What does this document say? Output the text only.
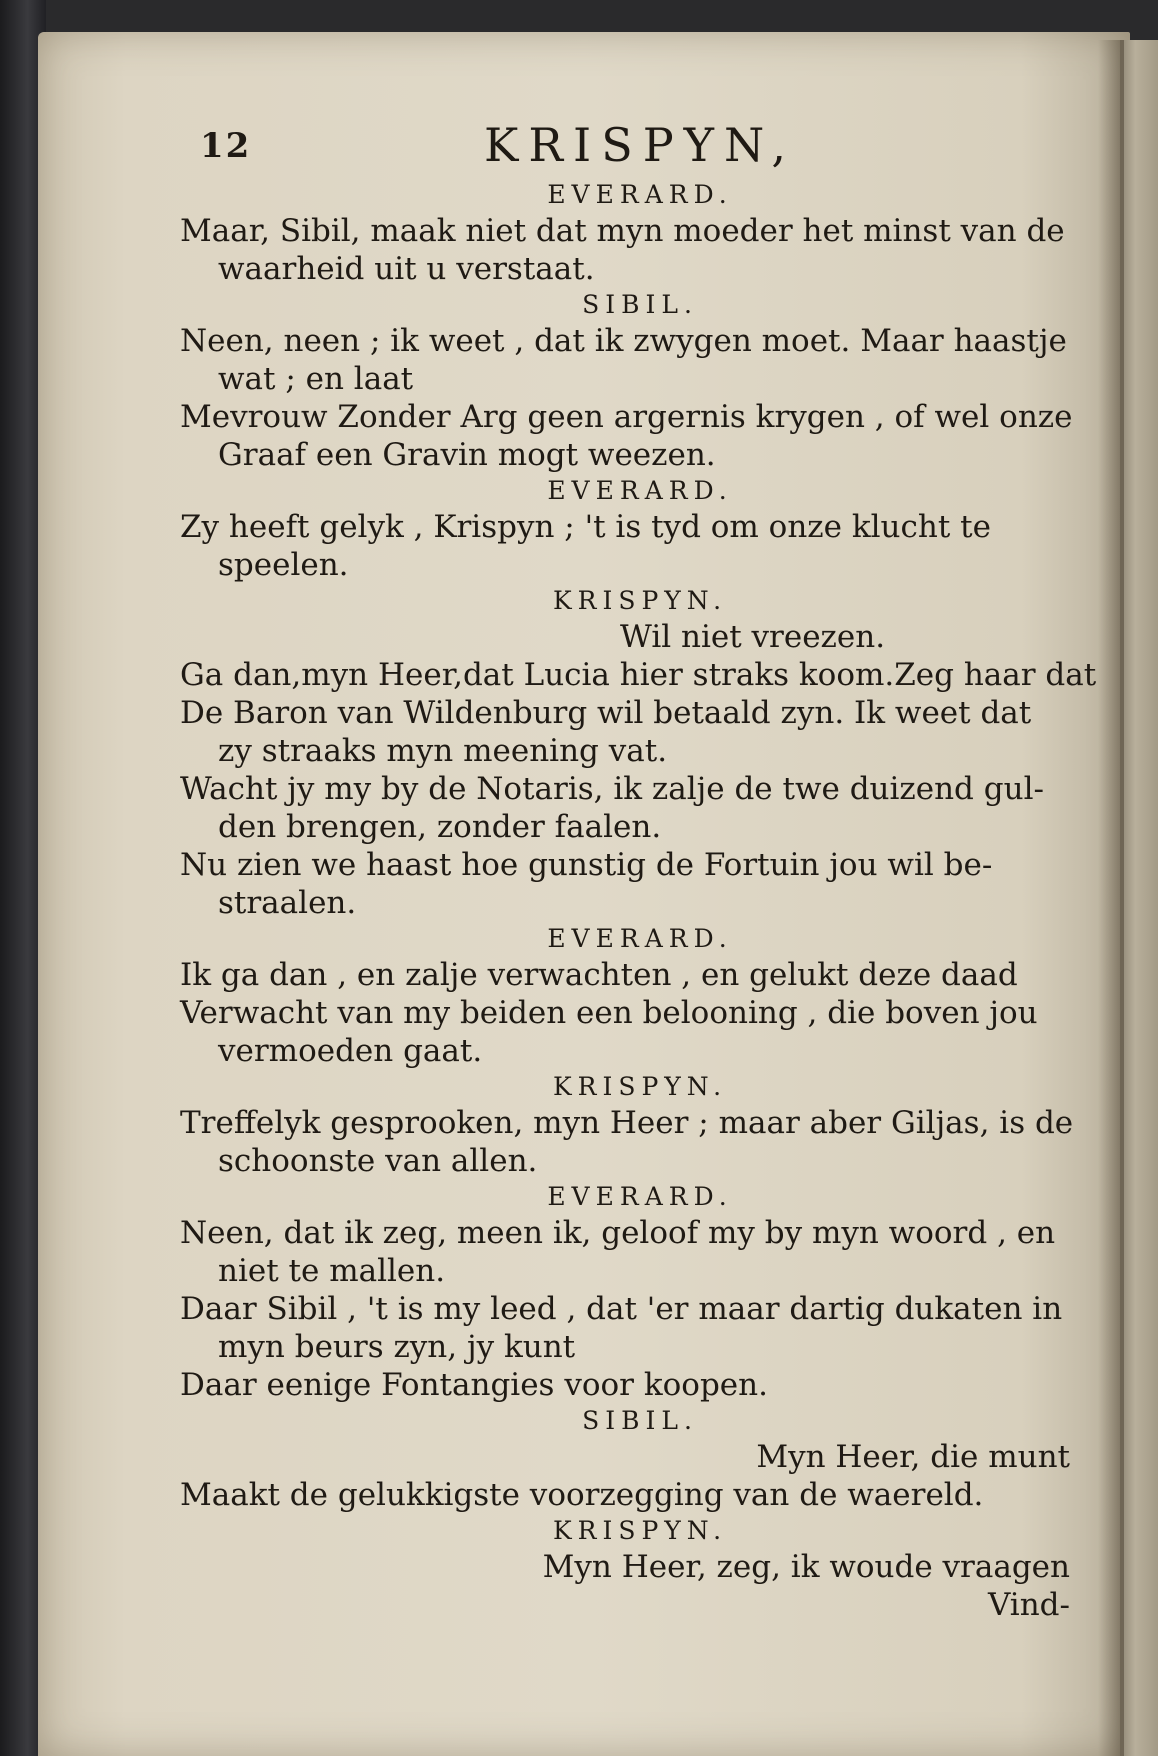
12	KRISPYN,
EVERARD.
Maar, Sibil, maak niet dat myn moeder het minst van de
waarheid uit u verstaat.
SIBIL.
Neen, neen ; ik weet , dat ik zwygen moet. Maar haastje
wat ; en laat
Mevrouw Zonder Arg geen argernis krygen , of wel onze
Graaf een Gravin mogt weezen.
EVERARD.
Zy heeft gelyk , Krispyn ; 't is tyd om onze klucht te
speelen.
KRISPYN.
Wil niet vreezen.
Ga dan,myn Heer,dat Lucia hier straks koom.Zeg haar dat
De Baron van Wildenburg wil betaald zyn. Ik weet dat
zy straaks myn meening vat.
Wacht jy my by de Notaris, ik zalje de twe duizend gul-
den brengen, zonder faalen.
Nu zien we haast hoe gunstig de Fortuin jou wil be-
straalen.
EVERARD.
Ik ga dan , en zalje verwachten , en gelukt deze daad
Verwacht van my beiden een belooning , die boven jou
vermoeden gaat.
KRISPYN.
Treffelyk gesprooken, myn Heer ; maar aber Giljas, is de
schoonste van allen.
EVERARD.
Neen, dat ik zeg, meen ik, geloof my by myn woord , en
niet te mallen.
Daar Sibil , 't is my leed , dat 'er maar dartig dukaten in
myn beurs zyn, jy kunt
Daar eenige Fontangies voor koopen.
SIBIL.
Myn Heer, die munt
Maakt de gelukkigste voorzegging van de waereld.
KRISPYN.
Myn Heer, zeg, ik woude vraagen
Vind-
